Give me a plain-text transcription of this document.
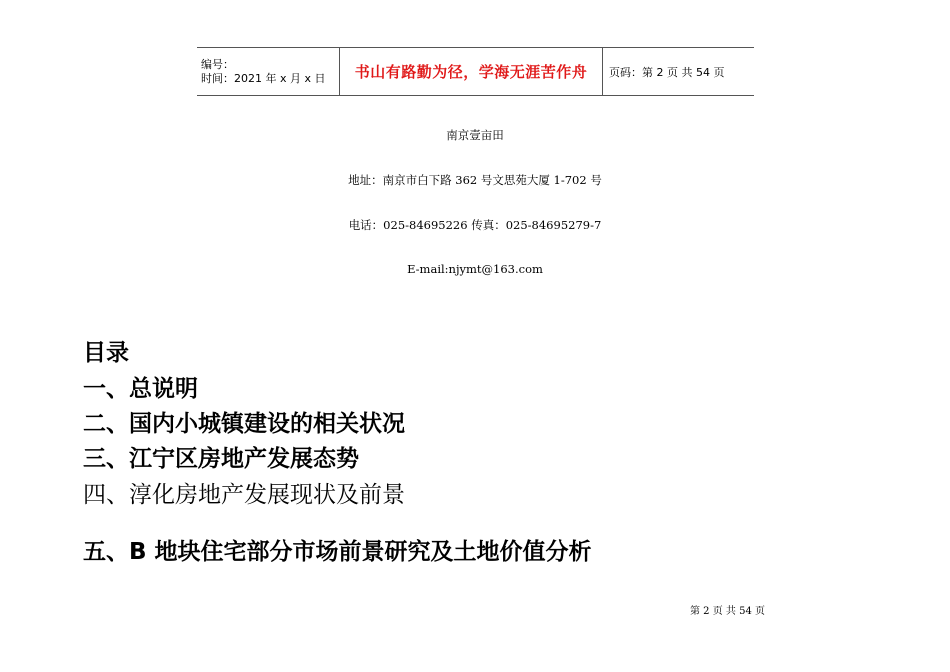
编号：
时间：2021 年 x 月 x 日	书山有路勤为径，学海无涯苦作舟	页码：第 2 页 共 54 页
南京壹亩田
地址：南京市白下路 362 号文思苑大厦 1-702 号
电话：025-84695226 传真：025-84695279-7
E-mail:njymt@163.com
目录
一、总说明
二、国内小城镇建设的相关状况
三、江宁区房地产发展态势
四、淳化房地产发展现状及前景
五、B 地块住宅部分市场前景研究及土地价值分析
第 2 页 共 54 页
